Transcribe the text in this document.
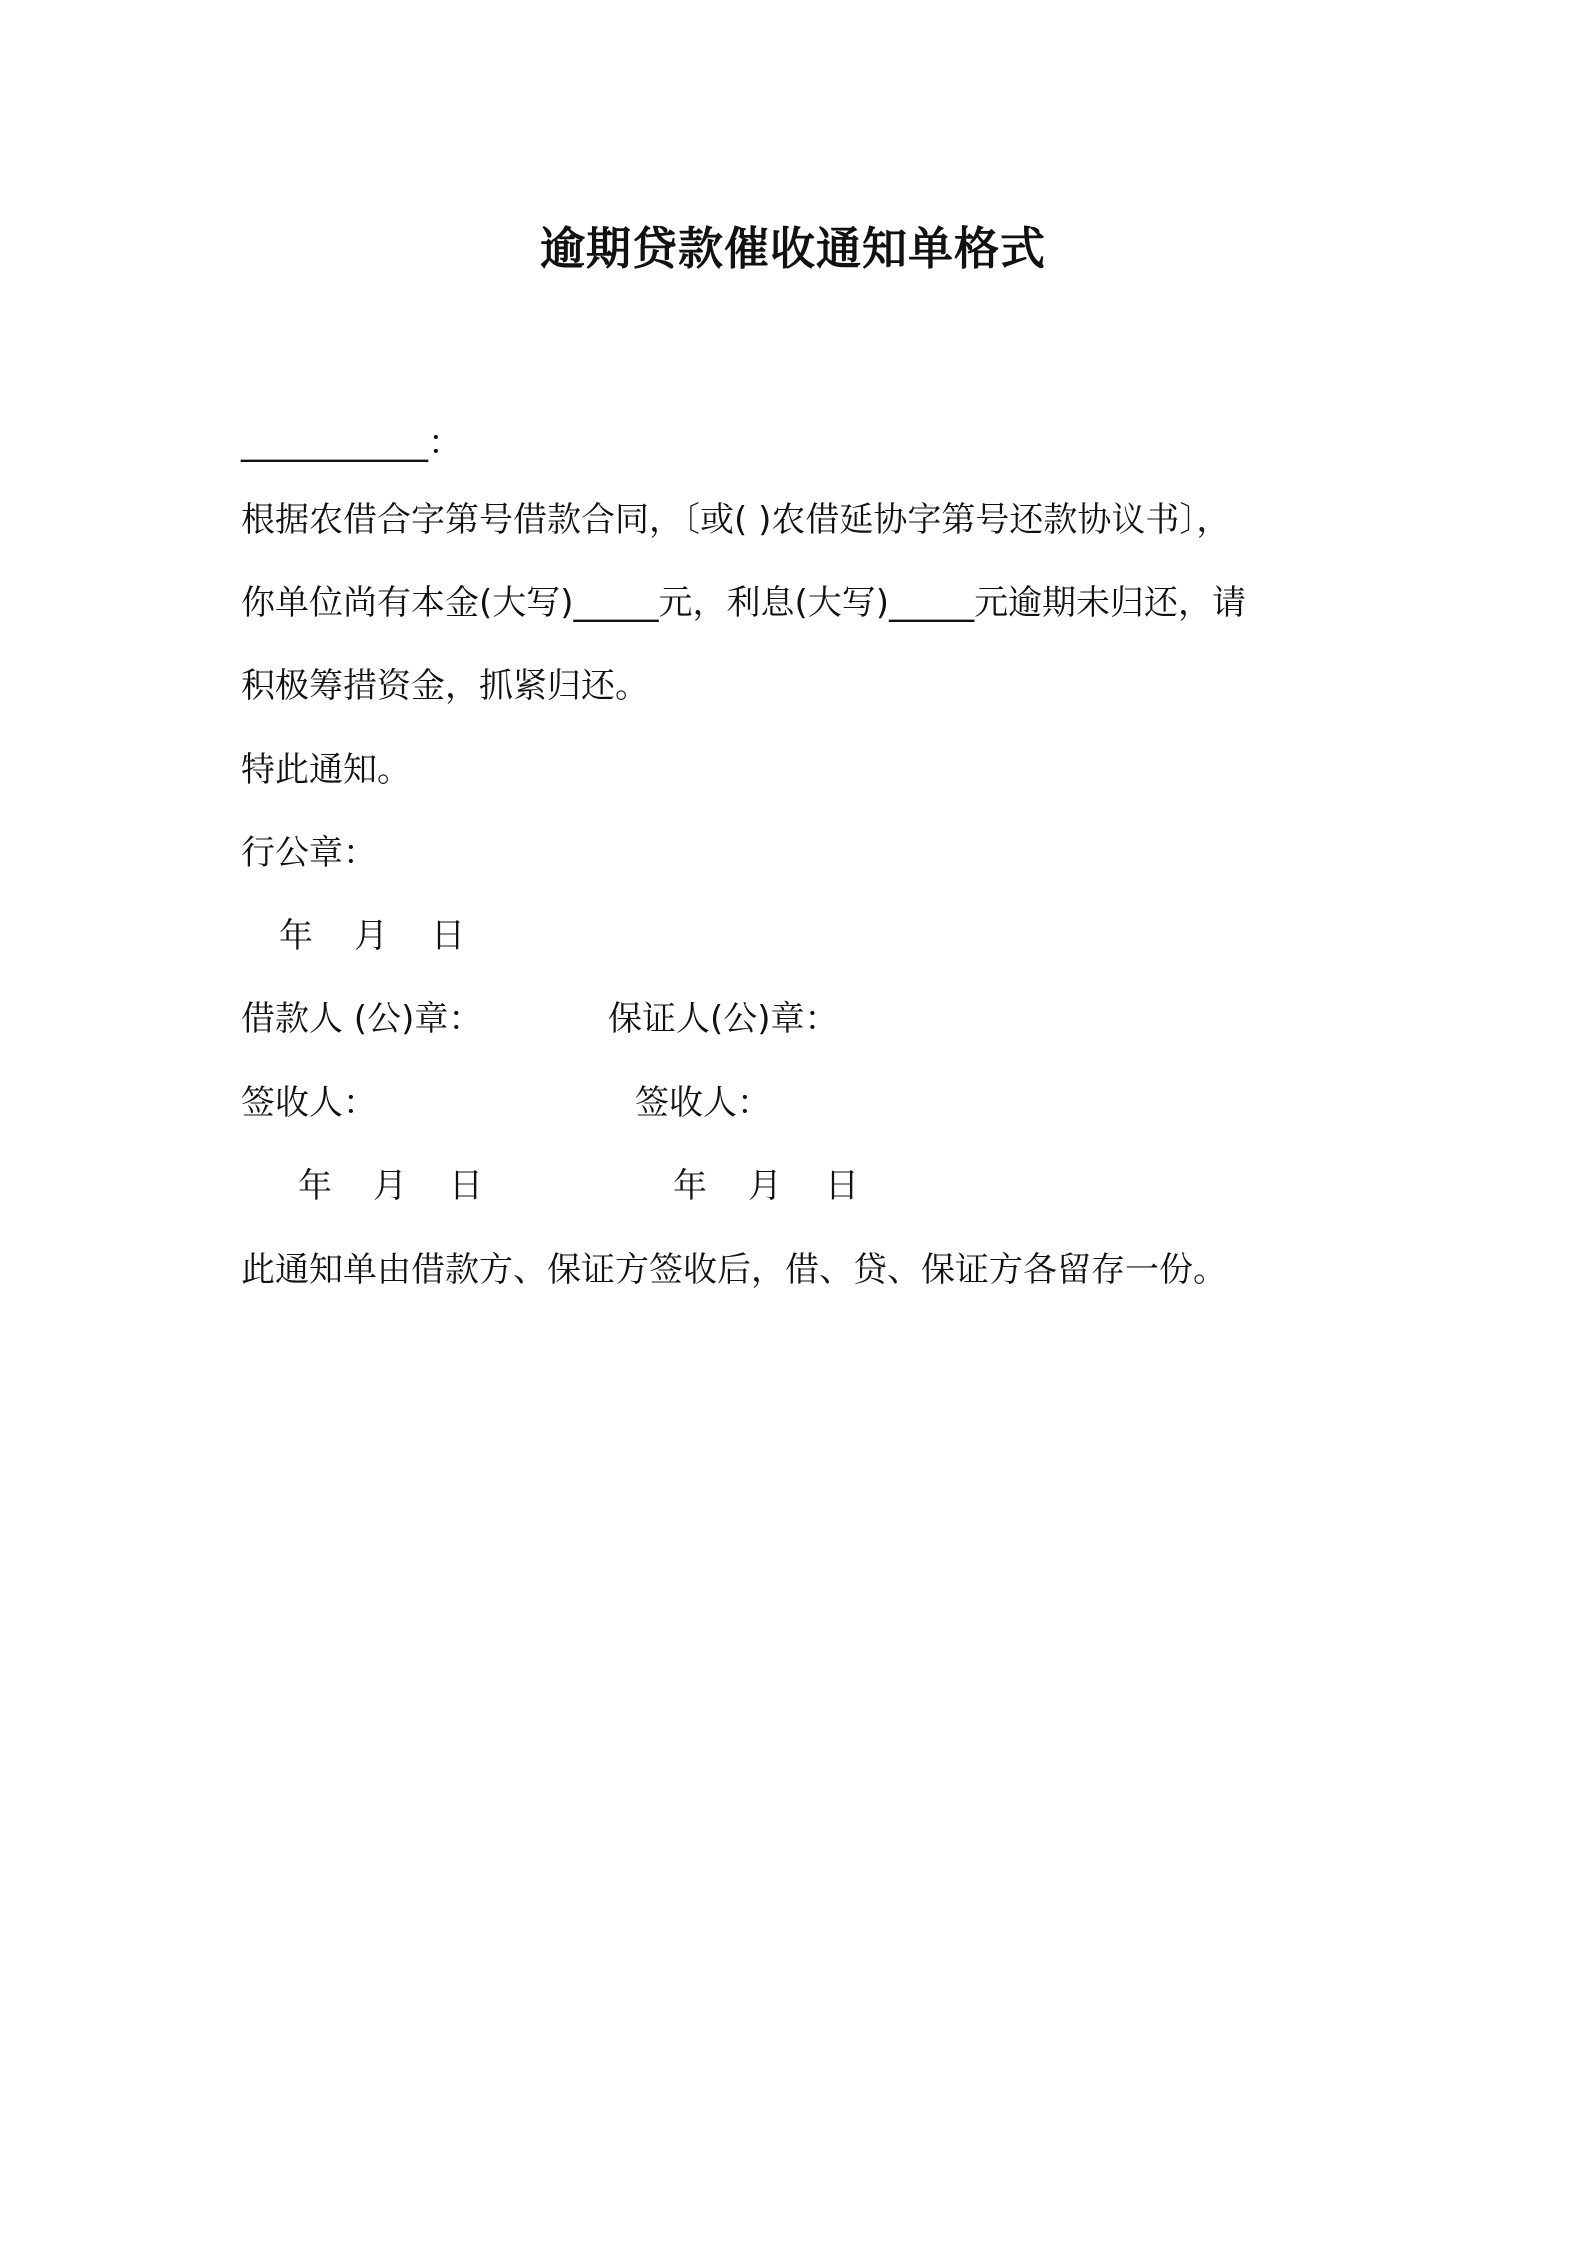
逾期贷款催收通知单格式
___________：
根据农借合字第号借款合同，〔或( )农借延协字第号还款协议书〕，
你单位尚有本金(大写)_____元，利息(大写)_____元逾期未归还，请
积极筹措资金，抓紧归还。
特此通知。
行公章：
年 月 日
借款人 (公)章：	保证人(公)章：
签收人：	签收人：
年 月 日	年 月 日
此通知单由借款方、保证方签收后，借、贷、保证方各留存一份。
